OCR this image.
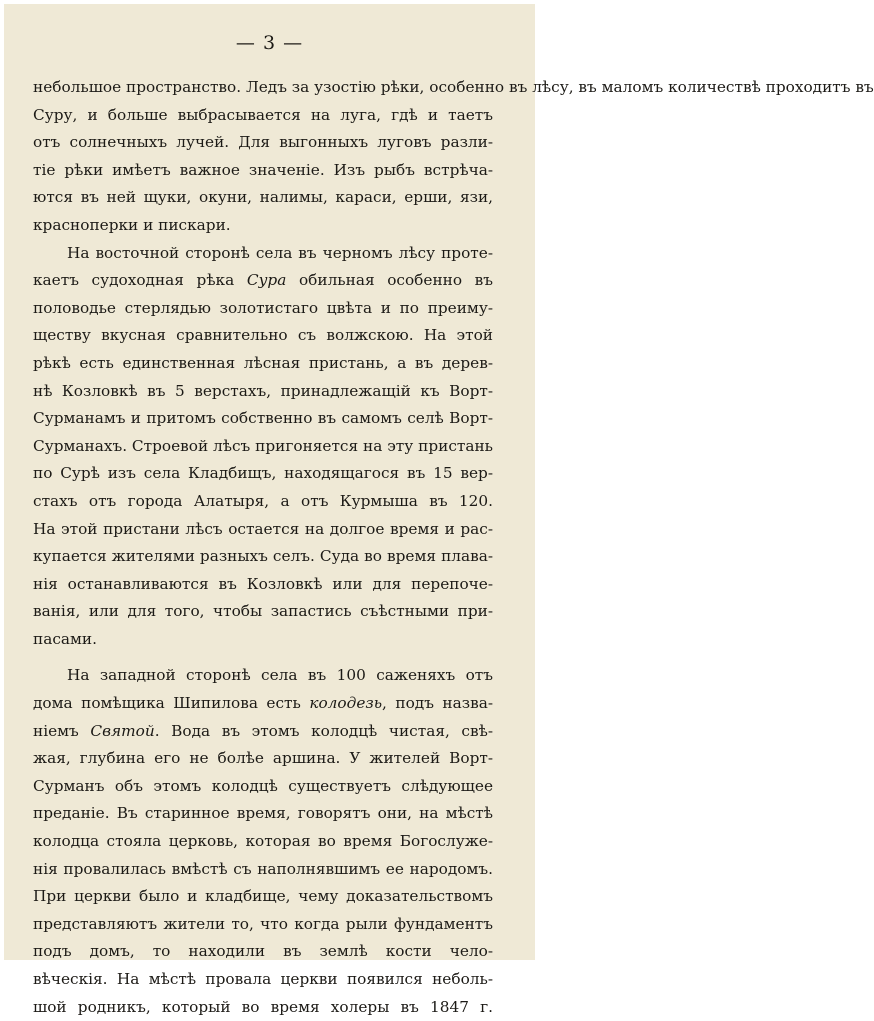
— 3 —
небольшое пространство. Ледъ за узостію рѣки, особенно въ лѣсу, въ маломъ количествѣ проходитъ въ
Суру, и больше выбрасывается на луга, гдѣ и таетъ
отъ солнечныхъ лучей. Для выгонныхъ луговъ разли-
тіе рѣки имѣетъ важное значеніе. Изъ рыбъ встрѣча-
ются въ ней щуки, окуни, налимы, караси, ерши, язи,
красноперки и пискари.
На восточной сторонѣ села въ черномъ лѣсу проте-
каетъ судоходная рѣка Сура обильная особенно въ
половодье стерлядью золотистаго цвѣта и по преиму-
ществу вкусная сравнительно съ волжскою. На этой
рѣкѣ есть единственная лѣсная пристань, а въ дерев-
нѣ Козловкѣ въ 5 верстахъ, принадлежащій къ Ворт-
Сурманамъ и притомъ собственно въ самомъ селѣ Ворт-
Сурманахъ. Строевой лѣсъ пригоняется на эту пристань
по Сурѣ изъ села Кладбищъ, находящагося въ 15 вер-
стахъ отъ города Алатыря, а отъ Курмыша въ 120.
На этой пристани лѣсъ остается на долгое время и рас-
купается жителями разныхъ селъ. Суда во время плава-
нія останавливаются въ Козловкѣ или для перепоче-
ванія, или для того, чтобы запастись съѣстными при-
пасами.
На западной сторонѣ села въ 100 саженяхъ отъ
дома помѣщика Шипилова есть колодезь, подъ назва-
ніемъ Святой. Вода въ этомъ колодцѣ чистая, свѣ-
жая, глубина его не болѣе аршина. У жителей Ворт-
Сурманъ объ этомъ колодцѣ существуетъ слѣдующее
преданіе. Въ старинное время, говорятъ они, на мѣстѣ
колодца стояла церковь, которая во время Богослуже-
нія провалилась вмѣстѣ съ наполнявшимъ ее народомъ.
При церкви было и кладбище, чему доказательствомъ
представляютъ жители то, что когда рыли фундаментъ
подъ домъ, то находили въ землѣ кости чело-
вѣческія. На мѣстѣ провала церкви появился неболь-
шой родникъ, который во время холеры въ 1847 г.
